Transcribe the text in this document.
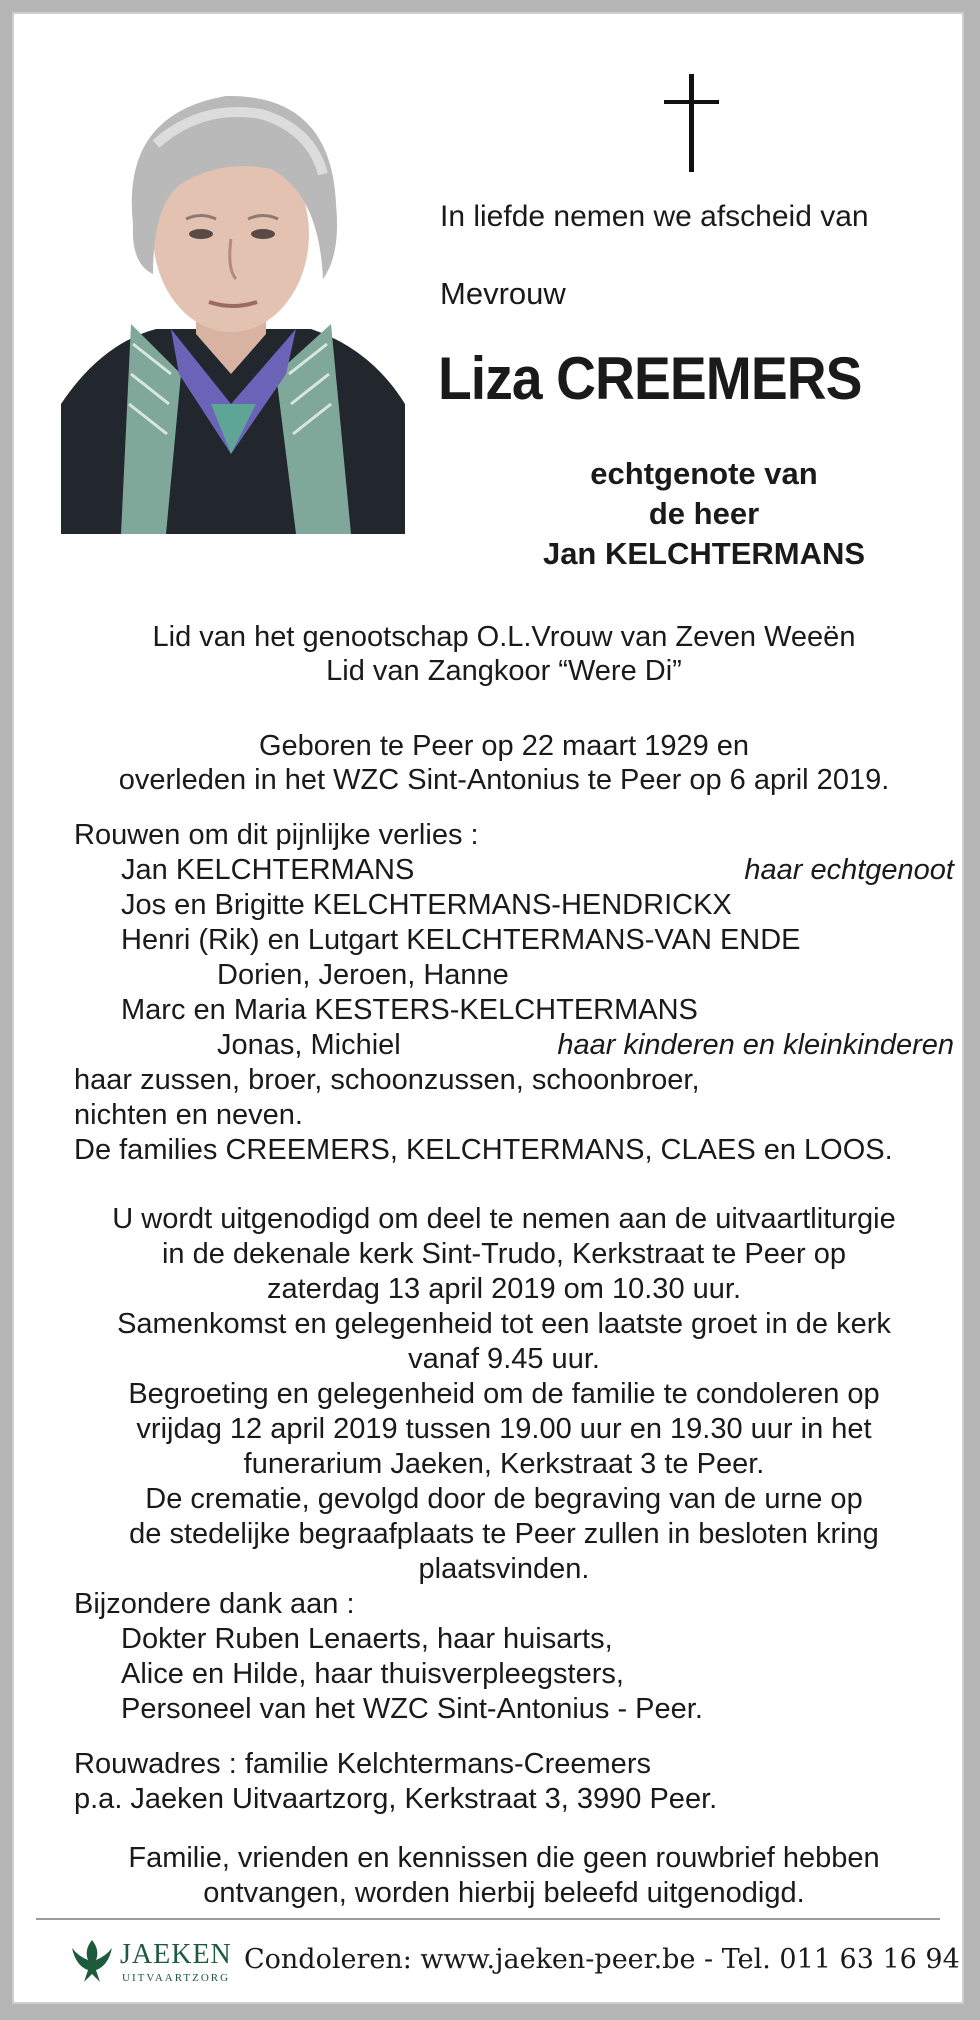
In liefde nemen we afscheid van
Mevrouw
Liza CREEMERS
echtgenote van
de heer
Jan KELCHTERMANS
Lid van het genootschap O.L.Vrouw van Zeven Weeën
Lid van Zangkoor “Were Di”
Geboren te Peer op 22 maart 1929 en
overleden in het WZC Sint-Antonius te Peer op 6 april 2019.
Rouwen om dit pijnlijke verlies :
Jan KELCHTERMANS	haar echtgenoot
Jos en Brigitte KELCHTERMANS-HENDRICKX
Henri (Rik) en Lutgart KELCHTERMANS-VAN ENDE
Dorien, Jeroen, Hanne
Marc en Maria KESTERS-KELCHTERMANS
Jonas, Michiel	haar kinderen en kleinkinderen
haar zussen, broer, schoonzussen, schoonbroer,
nichten en neven.
De families CREEMERS, KELCHTERMANS, CLAES en LOOS.
U wordt uitgenodigd om deel te nemen aan de uitvaartliturgie
in de dekenale kerk Sint-Trudo, Kerkstraat te Peer op
zaterdag 13 april 2019 om 10.30 uur.
Samenkomst en gelegenheid tot een laatste groet in de kerk
vanaf 9.45 uur.
Begroeting en gelegenheid om de familie te condoleren op
vrijdag 12 april 2019 tussen 19.00 uur en 19.30 uur in het
funerarium Jaeken, Kerkstraat 3 te Peer.
De crematie, gevolgd door de begraving van de urne op
de stedelijke begraafplaats te Peer zullen in besloten kring
plaatsvinden.
Bijzondere dank aan :
Dokter Ruben Lenaerts, haar huisarts,
Alice en Hilde, haar thuisverpleegsters,
Personeel van het WZC Sint-Antonius - Peer.
Rouwadres : familie Kelchtermans-Creemers
p.a. Jaeken Uitvaartzorg, Kerkstraat 3, 3990 Peer.
Familie, vrienden en kennissen die geen rouwbrief hebben
ontvangen, worden hierbij beleefd uitgenodigd.
JAEKEN
UITVAARTZORG
Condoleren: www.jaeken-peer.be - Tel. 011 63 16 94
